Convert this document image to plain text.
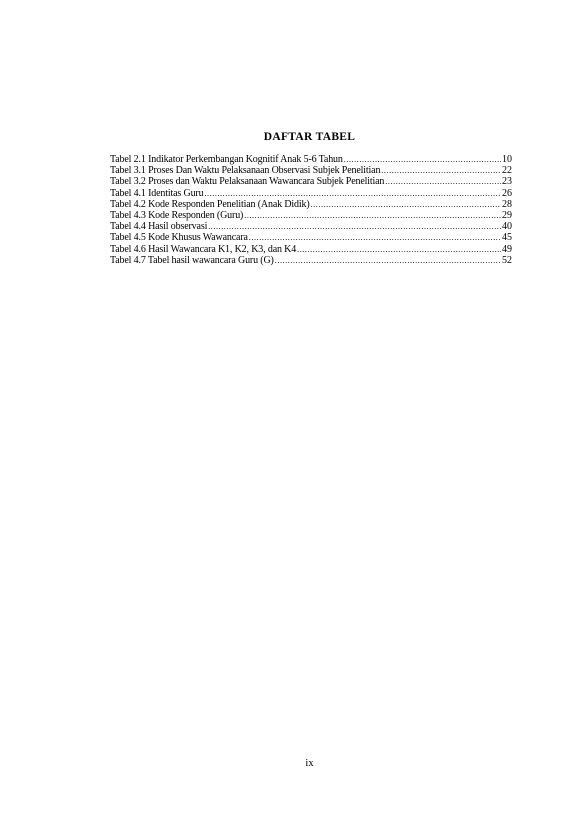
DAFTAR TABEL
Tabel 2.1 Indikator Perkembangan Kognitif Anak 5-6 Tahun .....	10
Tabel 3.1 Proses Dan Waktu Pelaksanaan Observasi Subjek Penelitian .....	22
Tabel 3.2 Proses dan Waktu Pelaksanaan Wawancara Subjek Penelitian .....	23
Tabel 4.1 Identitas Guru .....	26
Tabel 4.2 Kode Responden Penelitian (Anak Didik) .....	28
Tabel 4.3 Kode Responden (Guru) .....	29
Tabel 4.4 Hasil observasi .....	40
Tabel 4.5 Kode Khusus Wawancara .....	45
Tabel 4.6 Hasil Wawancara K1, K2, K3, dan K4 .....	49
Tabel 4.7 Tabel hasil wawancara Guru (G) .....	52
ix
